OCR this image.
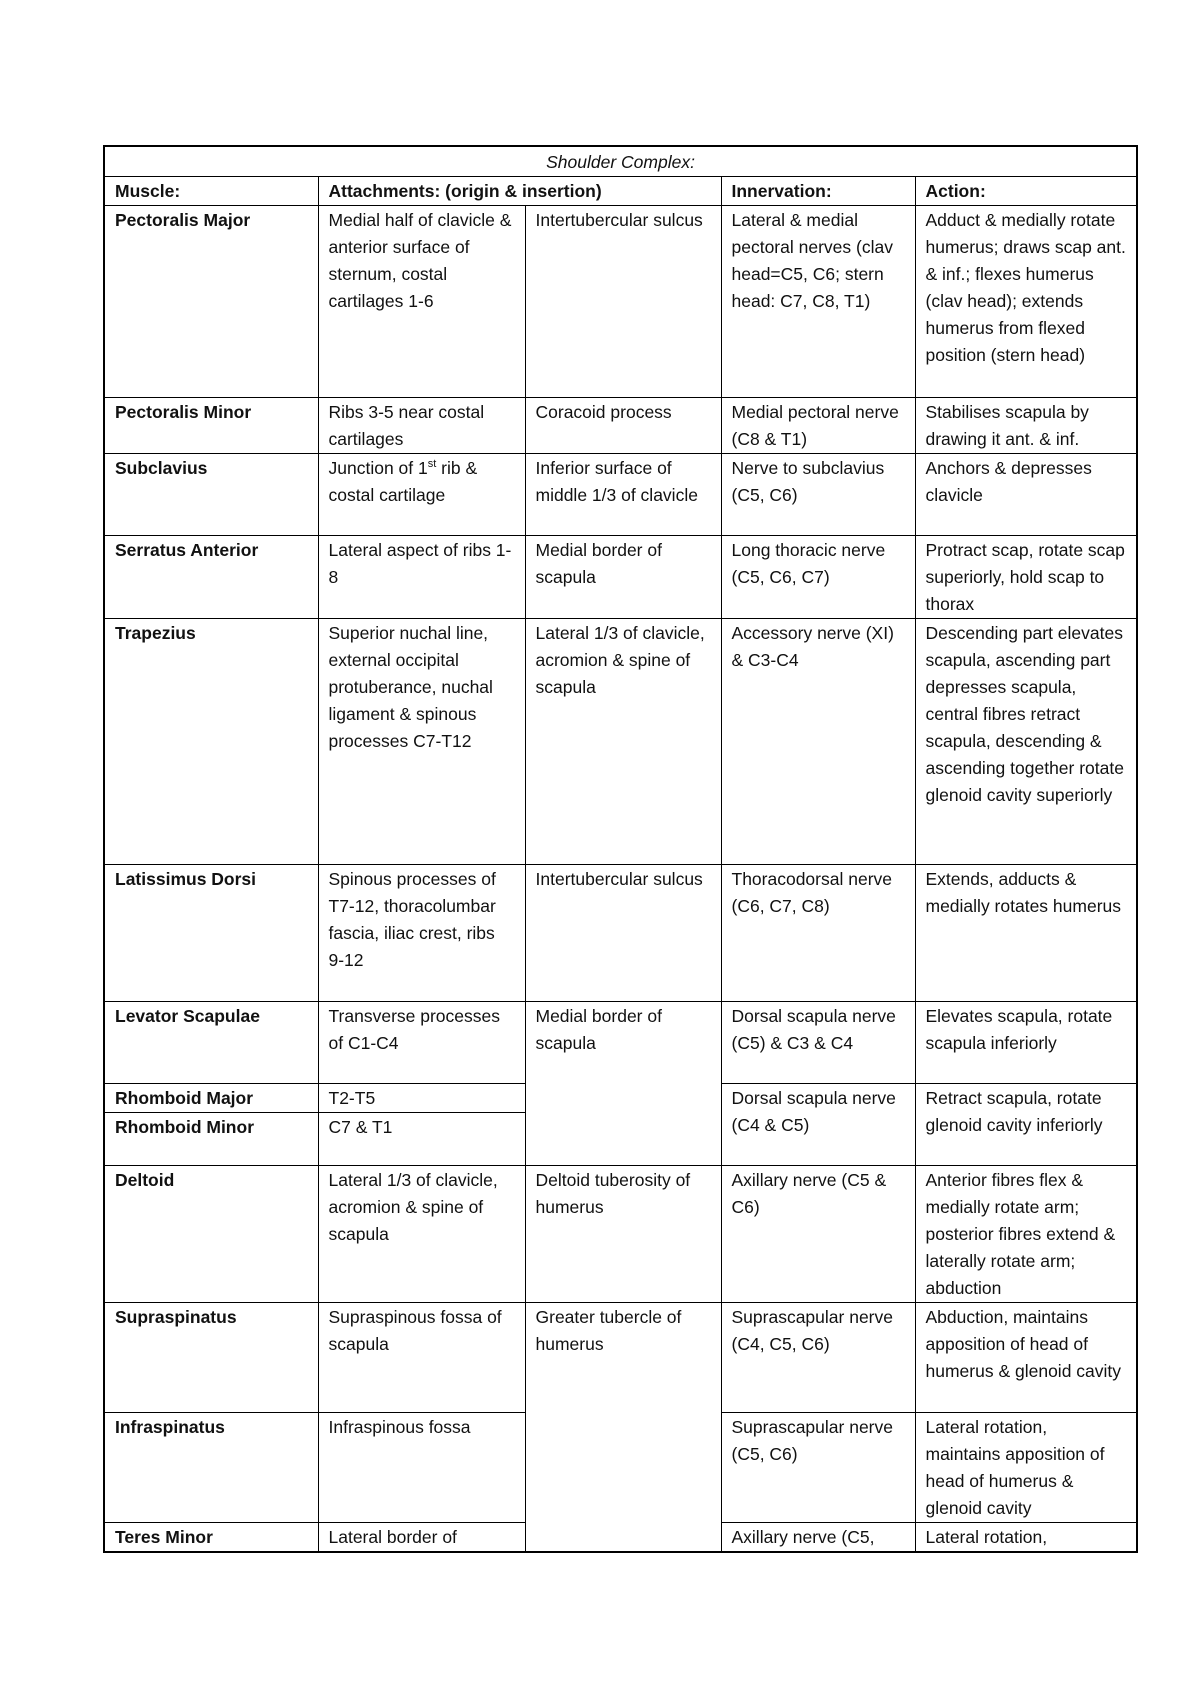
Shoulder Complex:				
Muscle:	Attachments: (origin & insertion)		Innervation:	Action:
Pectoralis Major	Medial half of clavicle & anterior surface of sternum, costal cartilages 1-6	Intertubercular sulcus	Lateral & medial pectoral nerves (clav head=C5, C6; stern head: C7, C8, T1)	Adduct & medially rotate humerus; draws scap ant. & inf.; flexes humerus (clav head); extends humerus from flexed position (stern head)
Pectoralis Minor	Ribs 3-5 near costal cartilages	Coracoid process	Medial pectoral nerve (C8 & T1)	Stabilises scapula by drawing it ant. & inf.
Subclavius	Junction of 1st rib & costal cartilage	Inferior surface of middle 1/3 of clavicle	Nerve to subclavius (C5, C6)	Anchors & depresses clavicle
Serratus Anterior	Lateral aspect of ribs 1-8	Medial border of scapula	Long thoracic nerve (C5, C6, C7)	Protract scap, rotate scap superiorly, hold scap to thorax
Trapezius	Superior nuchal line, external occipital protuberance, nuchal ligament & spinous processes C7-T12	Lateral 1/3 of clavicle, acromion & spine of scapula	Accessory nerve (XI) & C3-C4	Descending part elevates scapula, ascending part depresses scapula, central fibres retract scapula, descending & ascending together rotate glenoid cavity superiorly
Latissimus Dorsi	Spinous processes of T7-12, thoracolumbar fascia, iliac crest, ribs 9-12	Intertubercular sulcus	Thoracodorsal nerve (C6, C7, C8)	Extends, adducts & medially rotates humerus
Levator Scapulae	Transverse processes of C1-C4	Medial border of scapula	Dorsal scapula nerve (C5) & C3 & C4	Elevates scapula, rotate scapula inferiorly
Rhomboid Major	T2-T5		Dorsal scapula nerve (C4 & C5)	Retract scapula, rotate glenoid cavity inferiorly
Rhomboid Minor	C7 & T1			
Deltoid	Lateral 1/3 of clavicle, acromion & spine of scapula	Deltoid tuberosity of humerus	Axillary nerve (C5 & C6)	Anterior fibres flex & medially rotate arm; posterior fibres extend & laterally rotate arm; abduction
Supraspinatus	Supraspinous fossa of scapula	Greater tubercle of humerus	Suprascapular nerve (C4, C5, C6)	Abduction, maintains apposition of head of humerus & glenoid cavity
Infraspinatus	Infraspinous fossa		Suprascapular nerve (C5, C6)	Lateral rotation, maintains apposition of head of humerus & glenoid cavity
Teres Minor	Lateral border of		Axillary nerve (C5,	Lateral rotation,
